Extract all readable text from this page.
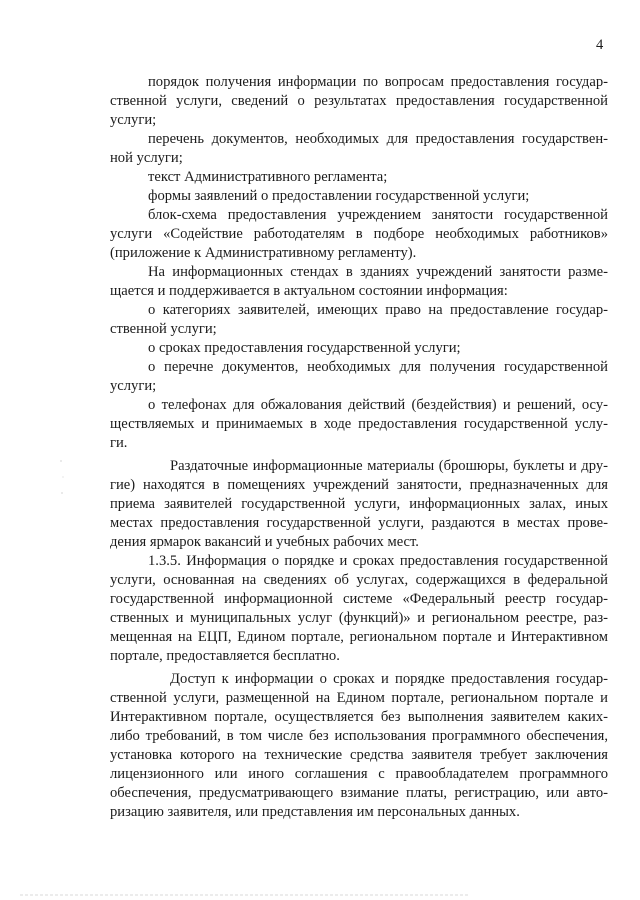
4
порядок получения информации по вопросам предоставления государ-
ственной услуги, сведений о результатах предоставления государственной
услуги;
перечень документов, необходимых для предоставления государствен-
ной услуги;
текст Административного регламента;
формы заявлений о предоставлении государственной услуги;
блок-схема предоставления учреждением занятости государственной
услуги «Содействие работодателям в подборе необходимых работников»
(приложение к Административному регламенту).
На информационных стендах в зданиях учреждений занятости разме-
щается и поддерживается в актуальном состоянии информация:
о категориях заявителей, имеющих право на предоставление государ-
ственной услуги;
о сроках предоставления государственной услуги;
о перечне документов, необходимых для получения государственной
услуги;
о телефонах для обжалования действий (бездействия) и решений, осу-
ществляемых и принимаемых в ходе предоставления государственной услу-
ги.
Раздаточные информационные материалы (брошюры, буклеты и дру-
гие) находятся в помещениях учреждений занятости, предназначенных для
приема заявителей государственной услуги, информационных залах, иных
местах предоставления государственной услуги, раздаются в местах прове-
дения ярмарок вакансий и учебных рабочих мест.
1.3.5. Информация о порядке и сроках предоставления государственной
услуги, основанная на сведениях об услугах, содержащихся в федеральной
государственной информационной системе «Федеральный реестр государ-
ственных и муниципальных услуг (функций)» и региональном реестре, раз-
мещенная на ЕЦП, Едином портале, региональном портале и Интерактивном
портале, предоставляется бесплатно.
Доступ к информации о сроках и порядке предоставления государ-
ственной услуги, размещенной на Едином портале, региональном портале и
Интерактивном портале, осуществляется без выполнения заявителем каких-
либо требований, в том числе без использования программного обеспечения,
установка которого на технические средства заявителя требует заключения
лицензионного или иного соглашения с правообладателем программного
обеспечения, предусматривающего взимание платы, регистрацию, или авто-
ризацию заявителя, или представления им персональных данных.
